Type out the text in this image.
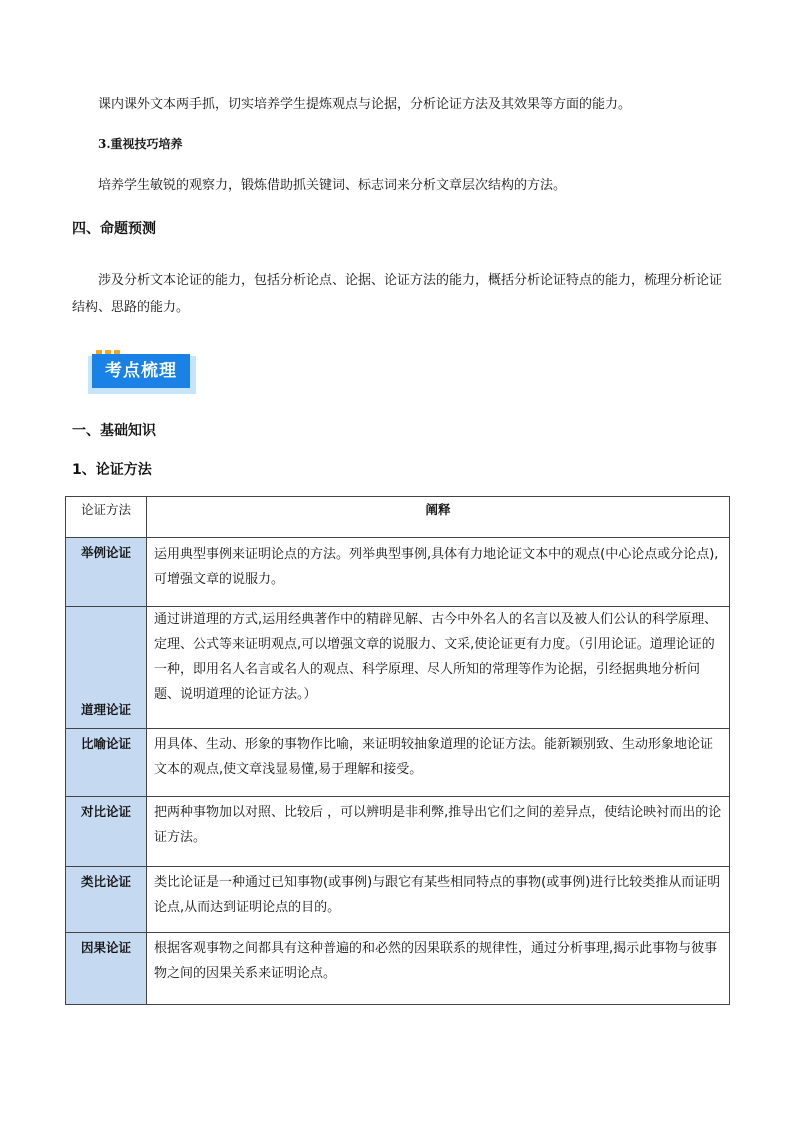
课内课外文本两手抓，切实培养学生提炼观点与论据，分析论证方法及其效果等方面的能力。

3.重视技巧培养

培养学生敏锐的观察力，锻炼借助抓关键词、标志词来分析文章层次结构的方法。

四、命题预测

涉及分析文本论证的能力，包括分析论点、论据、论证方法的能力，概括分析论证特点的能力，梳理分析论证结构、思路的能力。

考点梳理
一、基础知识
1、论证方法
论证方法	阐释

举例论证	运用典型事例来证明论点的方法。列举典型事例,具体有力地论证文本中的观点(中心论点或分论点),可增强文章的说服力。

道理论证	通过讲道理的方式,运用经典著作中的精辟见解、古今中外名人的名言以及被人们公认的科学原理、定理、公式等来证明观点,可以增强文章的说服力、文采,使论证更有力度。（引用论证。道理论证的一种，即用名人名言或名人的观点、科学原理、尽人所知的常理等作为论据，引经据典地分析问题、说明道理的论证方法。）

比喻论证	用具体、生动、形象的事物作比喻，来证明较抽象道理的论证方法。能新颖别致、生动形象地论证文本的观点,使文章浅显易懂,易于理解和接受。

对比论证	把两种事物加以对照、比较后 ，可以辨明是非利弊,推导出它们之间的差异点，使结论映衬而出的论证方法。

类比论证	类比论证是一种通过已知事物(或事例)与跟它有某些相同特点的事物(或事例)进行比较类推从而证明论点,从而达到证明论点的目的。

因果论证	根据客观事物之间都具有这种普遍的和必然的因果联系的规律性，通过分析事理,揭示此事物与彼事物之间的因果关系来证明论点。
